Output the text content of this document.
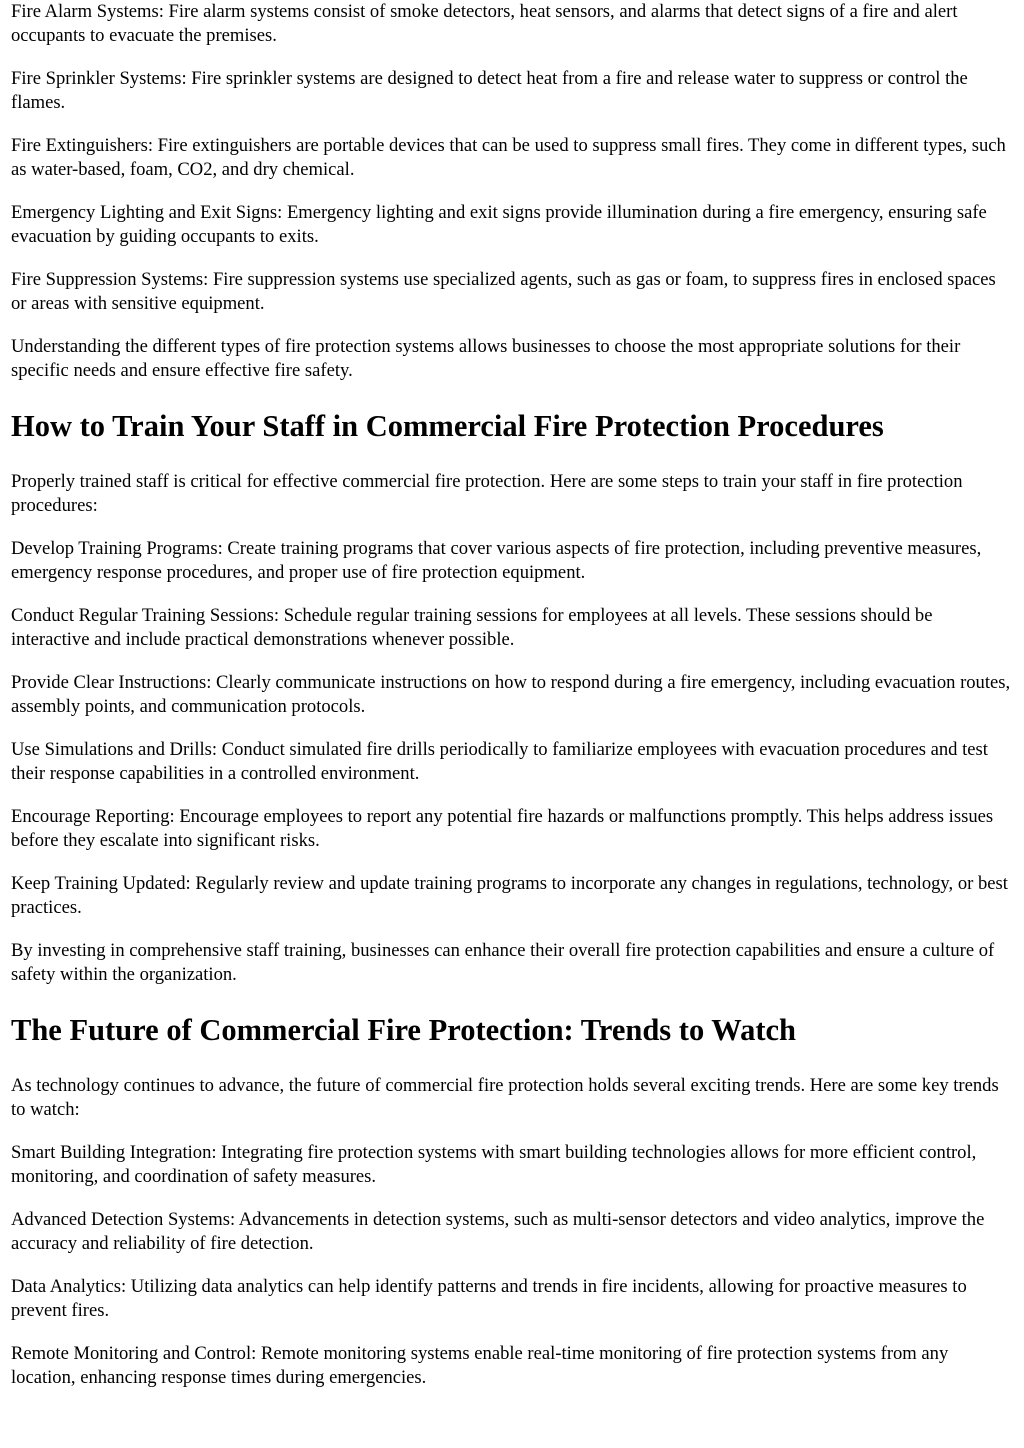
Fire Alarm Systems: Fire alarm systems consist of smoke detectors, heat sensors, and alarms that detect signs of a fire and alert occupants to evacuate the premises.

Fire Sprinkler Systems: Fire sprinkler systems are designed to detect heat from a fire and release water to suppress or control the flames.

Fire Extinguishers: Fire extinguishers are portable devices that can be used to suppress small fires. They come in different types, such as water-based, foam, CO2, and dry chemical.

Emergency Lighting and Exit Signs: Emergency lighting and exit signs provide illumination during a fire emergency, ensuring safe evacuation by guiding occupants to exits.

Fire Suppression Systems: Fire suppression systems use specialized agents, such as gas or foam, to suppress fires in enclosed spaces or areas with sensitive equipment.

Understanding the different types of fire protection systems allows businesses to choose the most appropriate solutions for their specific needs and ensure effective fire safety.

How to Train Your Staff in Commercial Fire Protection Procedures

Properly trained staff is critical for effective commercial fire protection. Here are some steps to train your staff in fire protection procedures:

Develop Training Programs: Create training programs that cover various aspects of fire protection, including preventive measures, emergency response procedures, and proper use of fire protection equipment.

Conduct Regular Training Sessions: Schedule regular training sessions for employees at all levels. These sessions should be interactive and include practical demonstrations whenever possible.

Provide Clear Instructions: Clearly communicate instructions on how to respond during a fire emergency, including evacuation routes, assembly points, and communication protocols.

Use Simulations and Drills: Conduct simulated fire drills periodically to familiarize employees with evacuation procedures and test their response capabilities in a controlled environment.

Encourage Reporting: Encourage employees to report any potential fire hazards or malfunctions promptly. This helps address issues before they escalate into significant risks.

Keep Training Updated: Regularly review and update training programs to incorporate any changes in regulations, technology, or best practices.

By investing in comprehensive staff training, businesses can enhance their overall fire protection capabilities and ensure a culture of safety within the organization.

The Future of Commercial Fire Protection: Trends to Watch

As technology continues to advance, the future of commercial fire protection holds several exciting trends. Here are some key trends to watch:

Smart Building Integration: Integrating fire protection systems with smart building technologies allows for more efficient control, monitoring, and coordination of safety measures.

Advanced Detection Systems: Advancements in detection systems, such as multi-sensor detectors and video analytics, improve the accuracy and reliability of fire detection.

Data Analytics: Utilizing data analytics can help identify patterns and trends in fire incidents, allowing for proactive measures to prevent fires.

Remote Monitoring and Control: Remote monitoring systems enable real-time monitoring of fire protection systems from any location, enhancing response times during emergencies.
